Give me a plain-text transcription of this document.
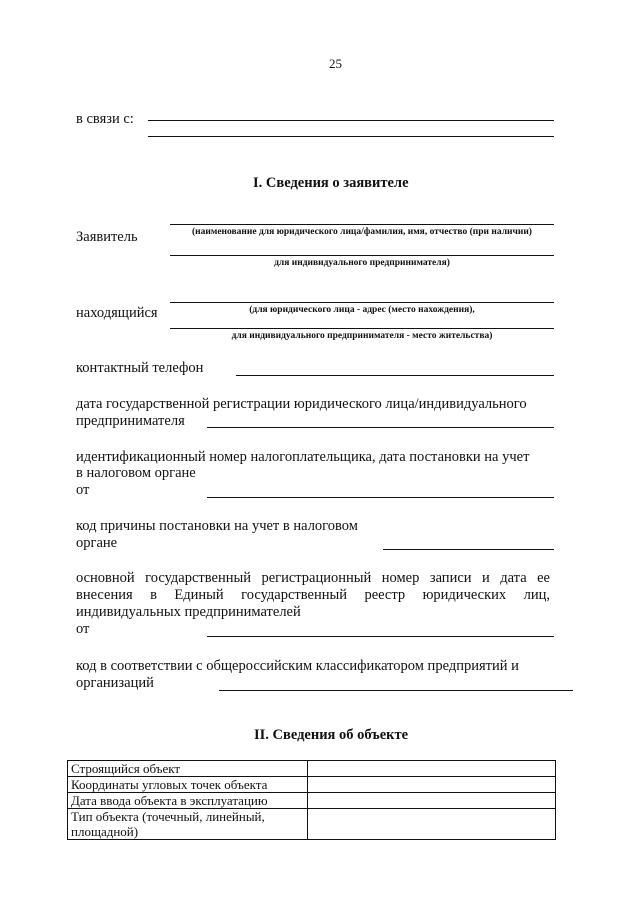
25
в связи с:
I. Сведения о заявителе
Заявитель	(наименование для юридического лица/фамилия, имя, отчество (при наличии)
для индивидуального предпринимателя)
находящийся	(для юридического лица - адрес (место нахождения),
для индивидуального предпринимателя - место жительства)
контактный телефон
дата государственной регистрации юридического лица/индивидуального
предпринимателя
идентификационный номер налогоплательщика, дата постановки на учет
в налоговом органе
от
код причины постановки на учет в налоговом
органе
основной государственный регистрационный номер записи и дата ее
внесения в Единый государственный реестр юридических лиц,
индивидуальных предпринимателей
от
код в соответствии с общероссийским классификатором предприятий и
организаций
II. Сведения об объекте
Строящийся объект	
Координаты угловых точек объекта	
Дата ввода объекта в эксплуатацию	
Тип объекта (точечный, линейный, площадной)	
